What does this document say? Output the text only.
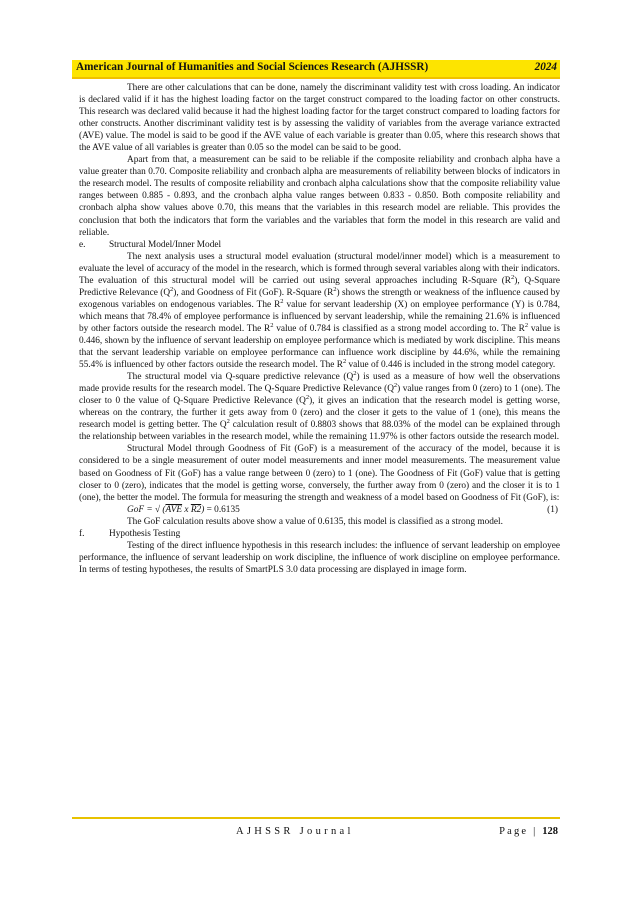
American Journal of Humanities and Social Sciences Research (AJHSSR)	2024

There are other calculations that can be done, namely the discriminant validity test with cross loading. An indicator is declared valid if it has the highest loading factor on the target construct compared to the loading factor on other constructs. This research was declared valid because it had the highest loading factor for the target construct compared to loading factors for other constructs. Another discriminant validity test is by assessing the validity of variables from the average variance extracted (AVE) value. The model is said to be good if the AVE value of each variable is greater than 0.05, where this research shows that the AVE value of all variables is greater than 0.05 so the model can be said to be good.

Apart from that, a measurement can be said to be reliable if the composite reliability and cronbach alpha have a value greater than 0.70. Composite reliability and cronbach alpha are measurements of reliability between blocks of indicators in the research model. The results of composite reliability and cronbach alpha calculations show that the composite reliability value ranges between 0.885 - 0.893, and the cronbach alpha value ranges between 0.833 - 0.850. Both composite reliability and cronbach alpha show values above 0.70, this means that the variables in this research model are reliable. This provides the conclusion that both the indicators that form the variables and the variables that form the model in this research are valid and reliable.

e.	Structural Model/Inner Model

The next analysis uses a structural model evaluation (structural model/inner model) which is a measurement to evaluate the level of accuracy of the model in the research, which is formed through several variables along with their indicators. The evaluation of this structural model will be carried out using several approaches including R-Square $(R^2)$, Q-Square Predictive Relevance $(Q^2)$, and Goodness of Fit (GoF). R-Square $(R^2)$ shows the strength or weakness of the influence caused by exogenous variables on endogenous variables. The $R^2$ value for servant leadership (X) on employee performance (Y) is 0.784, which means that 78.4% of employee performance is influenced by servant leadership, while the remaining 21.6% is influenced by other factors outside the research model. The $R^2$ value of 0.784 is classified as a strong model according to. The $R^2$ value is 0.446, shown by the influence of servant leadership on employee performance which is mediated by work discipline. This means that the servant leadership variable on employee performance can influence work discipline by 44.6%, while the remaining 55.4% is influenced by other factors outside the research model. The $R^2$ value of 0.446 is included in the strong model category.

The structural model via Q-square predictive relevance $(Q^2)$ is used as a measure of how well the observations made provide results for the research model. The Q-Square Predictive Relevance $(Q^2)$ value ranges from 0 (zero) to 1 (one). The closer to 0 the value of Q-Square Predictive Relevance $(Q^2)$, it gives an indication that the research model is getting worse, whereas on the contrary, the further it gets away from 0 (zero) and the closer it gets to the value of 1 (one), this means the research model is getting better. The $Q^2$ calculation result of 0.8803 shows that 88.03% of the model can be explained through the relationship between variables in the research model, while the remaining 11.97% is other factors outside the research model.

Structural Model through Goodness of Fit (GoF) is a measurement of the accuracy of the model, because it is considered to be a single measurement of outer model measurements and inner model measurements. The measurement value based on Goodness of Fit (GoF) has a value range between 0 (zero) to 1 (one). The Goodness of Fit (GoF) value that is getting closer to 0 (zero), indicates that the model is getting worse, conversely, the further away from 0 (zero) and the closer it is to 1 (one), the better the model. The formula for measuring the strength and weakness of a model based on Goodness of Fit (GoF), is:

GoF = √ ($\overline{AVE}$ x R2) = 0.6135	(1)

The GoF calculation results above show a value of 0.6135, this model is classified as a strong model.

f.	Hypothesis Testing

Testing of the direct influence hypothesis in this research includes: the influence of servant leadership on employee performance, the influence of servant leadership on work discipline, the influence of work discipline on employee performance. In terms of testing hypotheses, the results of SmartPLS 3.0 data processing are displayed in image form.

AJHSSR Journal	Page | 128
